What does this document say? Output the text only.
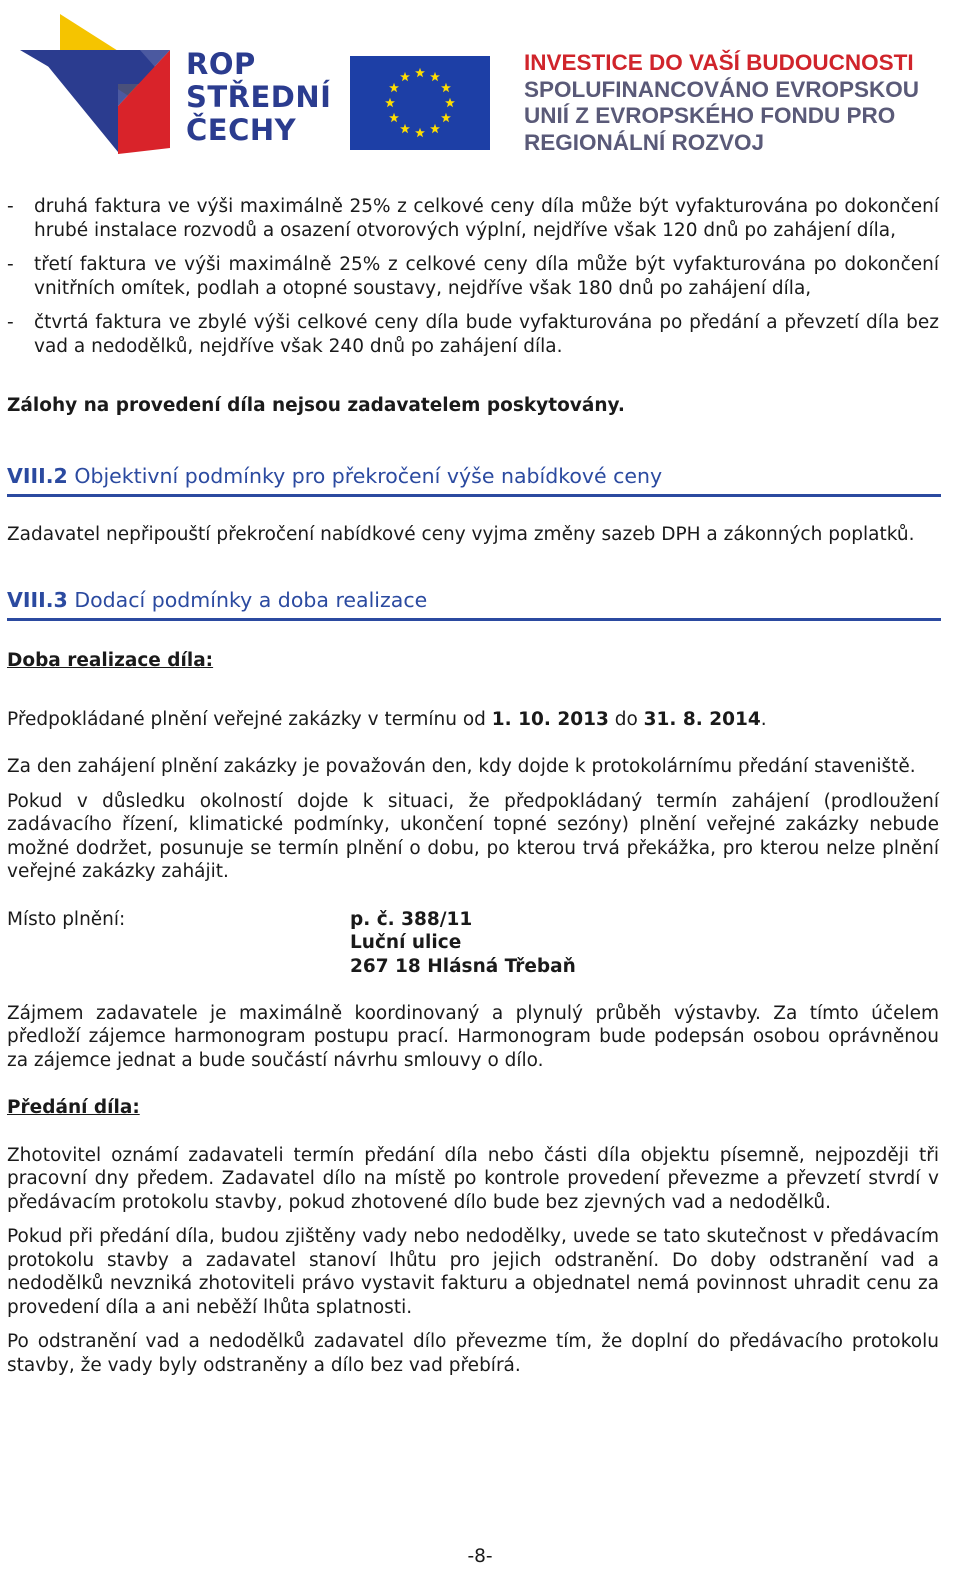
ROP
STŘEDNÍ
ČECHY
INVESTICE DO VAŠÍ BUDOUCNOSTI
SPOLUFINANCOVÁNO EVROPSKOU
UNIÍ Z EVROPSKÉHO FONDU PRO
REGIONÁLNÍ ROZVOJ
- druhá faktura ve výši maximálně 25% z celkové ceny díla může být vyfakturována po dokončení hrubé instalace rozvodů a osazení otvorových výplní, nejdříve však 120 dnů po zahájení díla,
- třetí faktura ve výši maximálně 25% z celkové ceny díla může být vyfakturována po dokončení vnitřních omítek, podlah a otopné soustavy, nejdříve však 180 dnů po zahájení díla,
- čtvrtá faktura ve zbylé výši celkové ceny díla bude vyfakturována po předání a převzetí díla bez vad a nedodělků, nejdříve však 240 dnů po zahájení díla.
Zálohy na provedení díla nejsou zadavatelem poskytovány.
VIII.2 Objektivní podmínky pro překročení výše nabídkové ceny
Zadavatel nepřipouští překročení nabídkové ceny vyjma změny sazeb DPH a zákonných poplatků.
VIII.3 Dodací podmínky a doba realizace
Doba realizace díla:
Předpokládané plnění veřejné zakázky v termínu od 1. 10. 2013 do 31. 8. 2014.
Za den zahájení plnění zakázky je považován den, kdy dojde k protokolárnímu předání staveniště.
Pokud v důsledku okolností dojde k situaci, že předpokládaný termín zahájení (prodloužení zadávacího řízení, klimatické podmínky, ukončení topné sezóny) plnění veřejné zakázky nebude možné dodržet, posunuje se termín plnění o dobu, po kterou trvá překážka, pro kterou nelze plnění veřejné zakázky zahájit.
Místo plnění:	p. č. 388/11
Luční ulice
267 18 Hlásná Třebaň
Zájmem zadavatele je maximálně koordinovaný a plynulý průběh výstavby. Za tímto účelem předloží zájemce harmonogram postupu prací. Harmonogram bude podepsán osobou oprávněnou za zájemce jednat a bude součástí návrhu smlouvy o dílo.
Předání díla:
Zhotovitel oznámí zadavateli termín předání díla nebo části díla objektu písemně, nejpozději tři pracovní dny předem. Zadavatel dílo na místě po kontrole provedení převezme a převzetí stvrdí v předávacím protokolu stavby, pokud zhotovené dílo bude bez zjevných vad a nedodělků.
Pokud při předání díla, budou zjištěny vady nebo nedodělky, uvede se tato skutečnost v předávacím protokolu stavby a zadavatel stanoví lhůtu pro jejich odstranění. Do doby odstranění vad a nedodělků nevzniká zhotoviteli právo vystavit fakturu a objednatel nemá povinnost uhradit cenu za provedení díla a ani neběží lhůta splatnosti.
Po odstranění vad a nedodělků zadavatel dílo převezme tím, že doplní do předávacího protokolu stavby, že vady byly odstraněny a dílo bez vad přebírá.
-8-
